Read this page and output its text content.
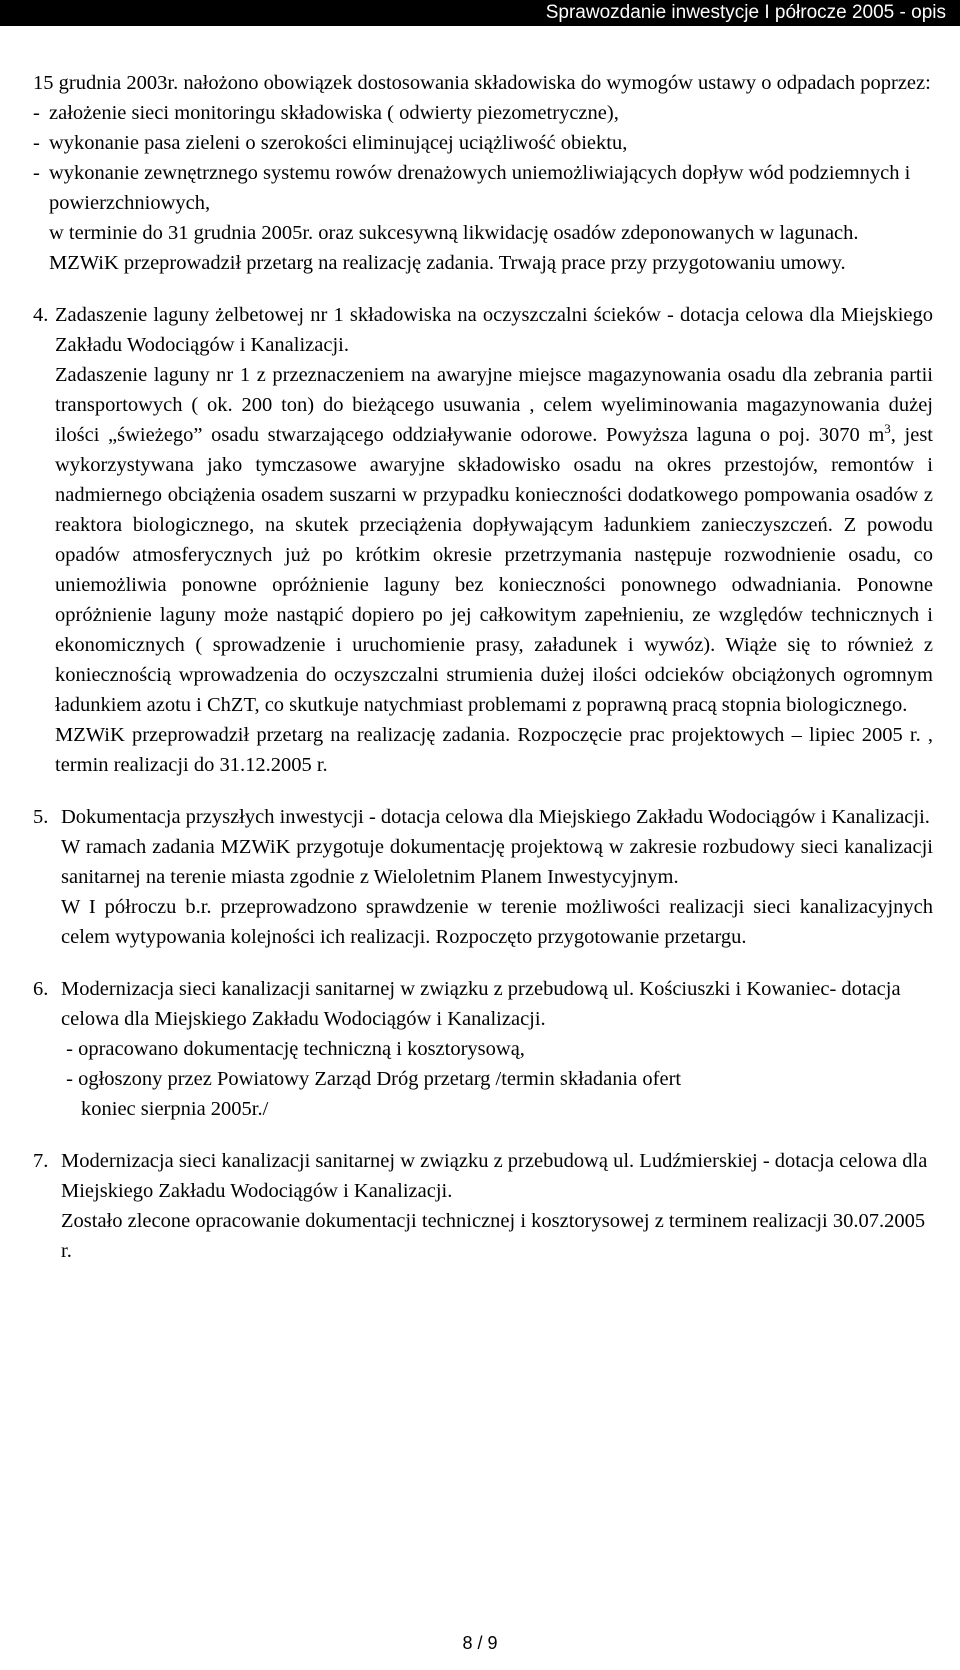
Sprawozdanie inwestycje I półrocze 2005 - opis

15 grudnia 2003r. nałożono obowiązek dostosowania składowiska do wymogów ustawy o odpadach poprzez:

- założenie sieci monitoringu składowiska ( odwierty piezometryczne),
- wykonanie pasa zieleni o szerokości eliminującej uciążliwość obiektu,
- wykonanie zewnętrznego systemu rowów drenażowych uniemożliwiających dopływ wód podziemnych i powierzchniowych,

w terminie do 31 grudnia 2005r. oraz sukcesywną likwidację osadów zdeponowanych w lagunach.

MZWiK przeprowadził przetarg na realizację zadania. Trwają prace przy przygotowaniu umowy.

4. Zadaszenie laguny żelbetowej nr 1 składowiska na oczyszczalni ścieków - dotacja celowa dla Miejskiego Zakładu Wodociągów i Kanalizacji.

Zadaszenie laguny nr 1 z przeznaczeniem na awaryjne miejsce magazynowania osadu dla zebrania partii transportowych ( ok. 200 ton) do bieżącego usuwania , celem wyeliminowania magazynowania dużej ilości „świeżego” osadu stwarzającego oddziaływanie odorowe. Powyższa laguna o poj. 3070 $m^3$, jest wykorzystywana jako tymczasowe awaryjne składowisko osadu na okres przestojów, remontów i nadmiernego obciążenia osadem suszarni w przypadku konieczności dodatkowego pompowania osadów z reaktora biologicznego, na skutek przeciążenia dopływającym ładunkiem zanieczyszczeń. Z powodu opadów atmosferycznych już po krótkim okresie przetrzymania następuje rozwodnienie osadu, co uniemożliwia ponowne opróżnienie laguny bez konieczności ponownego odwadniania. Ponowne opróżnienie laguny może nastąpić dopiero po jej całkowitym zapełnieniu, ze względów technicznych i ekonomicznych ( sprowadzenie i uruchomienie prasy, załadunek i wywóz). Wiąże się to również z koniecznością wprowadzenia do oczyszczalni strumienia dużej ilości odcieków obciążonych ogromnym ładunkiem azotu i ChZT, co skutkuje natychmiast problemami z poprawną pracą stopnia biologicznego.

MZWiK przeprowadził przetarg na realizację zadania. Rozpoczęcie prac projektowych – lipiec 2005 r. , termin realizacji do 31.12.2005 r.

5. Dokumentacja przyszłych inwestycji - dotacja celowa dla Miejskiego Zakładu Wodociągów i Kanalizacji.

W ramach zadania MZWiK przygotuje dokumentację projektową w zakresie rozbudowy sieci kanalizacji sanitarnej na terenie miasta zgodnie z Wieloletnim Planem Inwestycyjnym.

W I półroczu b.r. przeprowadzono sprawdzenie w terenie możliwości realizacji sieci kanalizacyjnych celem wytypowania kolejności ich realizacji. Rozpoczęto przygotowanie przetargu.

6. Modernizacja sieci kanalizacji sanitarnej w związku z przebudową ul. Kościuszki i Kowaniec- dotacja celowa dla Miejskiego Zakładu Wodociągów i Kanalizacji.

- opracowano dokumentację techniczną i kosztorysową,

- ogłoszony przez Powiatowy Zarząd Dróg przetarg /termin składania ofert

koniec sierpnia 2005r./

7. Modernizacja sieci kanalizacji sanitarnej w związku z przebudową ul. Ludźmierskiej - dotacja celowa dla Miejskiego Zakładu Wodociągów i Kanalizacji.

Zostało zlecone opracowanie dokumentacji technicznej i kosztorysowej z terminem realizacji 30.07.2005 r.

8 / 9
